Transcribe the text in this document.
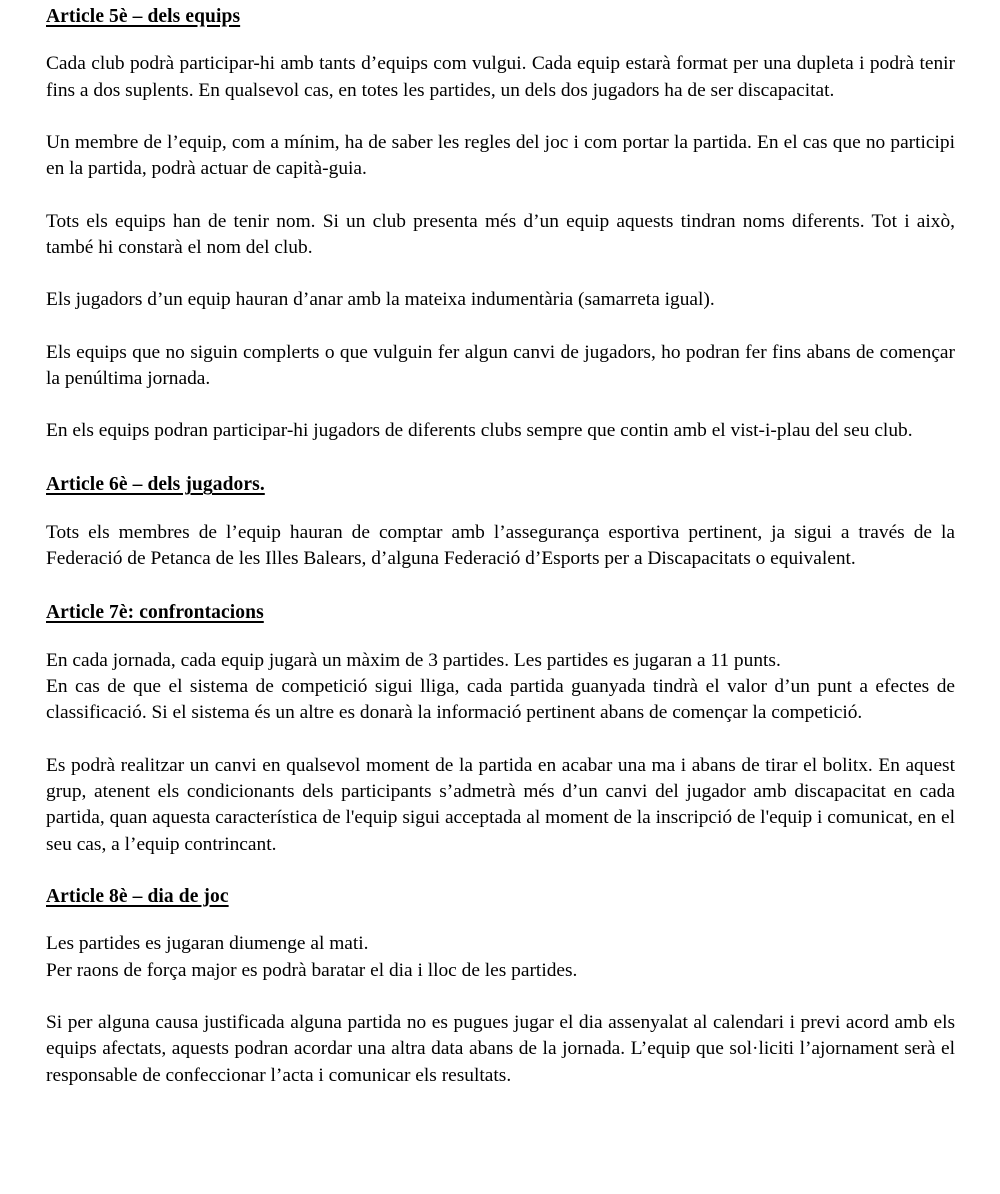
Article 5è – dels equips

Cada club podrà participar-hi amb tants d’equips com vulgui. Cada equip estarà format per una dupleta i podrà tenir fins a dos suplents. En qualsevol cas, en totes les partides, un dels dos jugadors ha de ser discapacitat.

Un membre de l’equip, com a mínim, ha de saber les regles del joc i com portar la partida. En el cas que no participi en la partida, podrà actuar de capità-guia.

Tots els equips han de tenir nom. Si un club presenta més d’un equip aquests tindran noms diferents. Tot i això, també hi constarà el nom del club.

Els jugadors d’un equip hauran d’anar amb la mateixa indumentària (samarreta igual).

Els equips que no siguin complerts o que vulguin fer algun canvi de jugadors, ho podran fer fins abans de començar la penúltima jornada.

En els equips podran participar-hi jugadors de diferents clubs sempre que contin amb el vist-i-plau del seu club.

Article 6è – dels jugadors.

Tots els membres de l’equip hauran de comptar amb l’assegurança esportiva pertinent, ja sigui a través de la Federació de Petanca de les Illes Balears, d’alguna Federació d’Esports per a Discapacitats o equivalent.

Article 7è: confrontacions

En cada jornada, cada equip jugarà un màxim de 3 partides. Les partides es jugaran a 11 punts.

En cas de que el sistema de competició sigui lliga, cada partida guanyada tindrà el valor d’un punt a efectes de classificació. Si el sistema és un altre es donarà la informació pertinent abans de començar la competició.

Es podrà realitzar un canvi en qualsevol moment de la partida en acabar una ma i abans de tirar el bolitx. En aquest grup, atenent els condicionants dels participants s’admetrà més d’un canvi del jugador amb discapacitat en cada partida, quan aquesta característica de l'equip sigui acceptada al moment de la inscripció de l'equip i comunicat, en el seu cas, a l’equip contrincant.

Article 8è – dia de joc

Les partides es jugaran diumenge al mati.

Per raons de força major es podrà baratar el dia i lloc de les partides.

Si per alguna causa justificada alguna partida no es pugues jugar el dia assenyalat al calendari i previ acord amb els equips afectats, aquests podran acordar una altra data abans de la jornada. L’equip que sol·liciti l’ajornament serà el responsable de confeccionar l’acta i comunicar els resultats.
